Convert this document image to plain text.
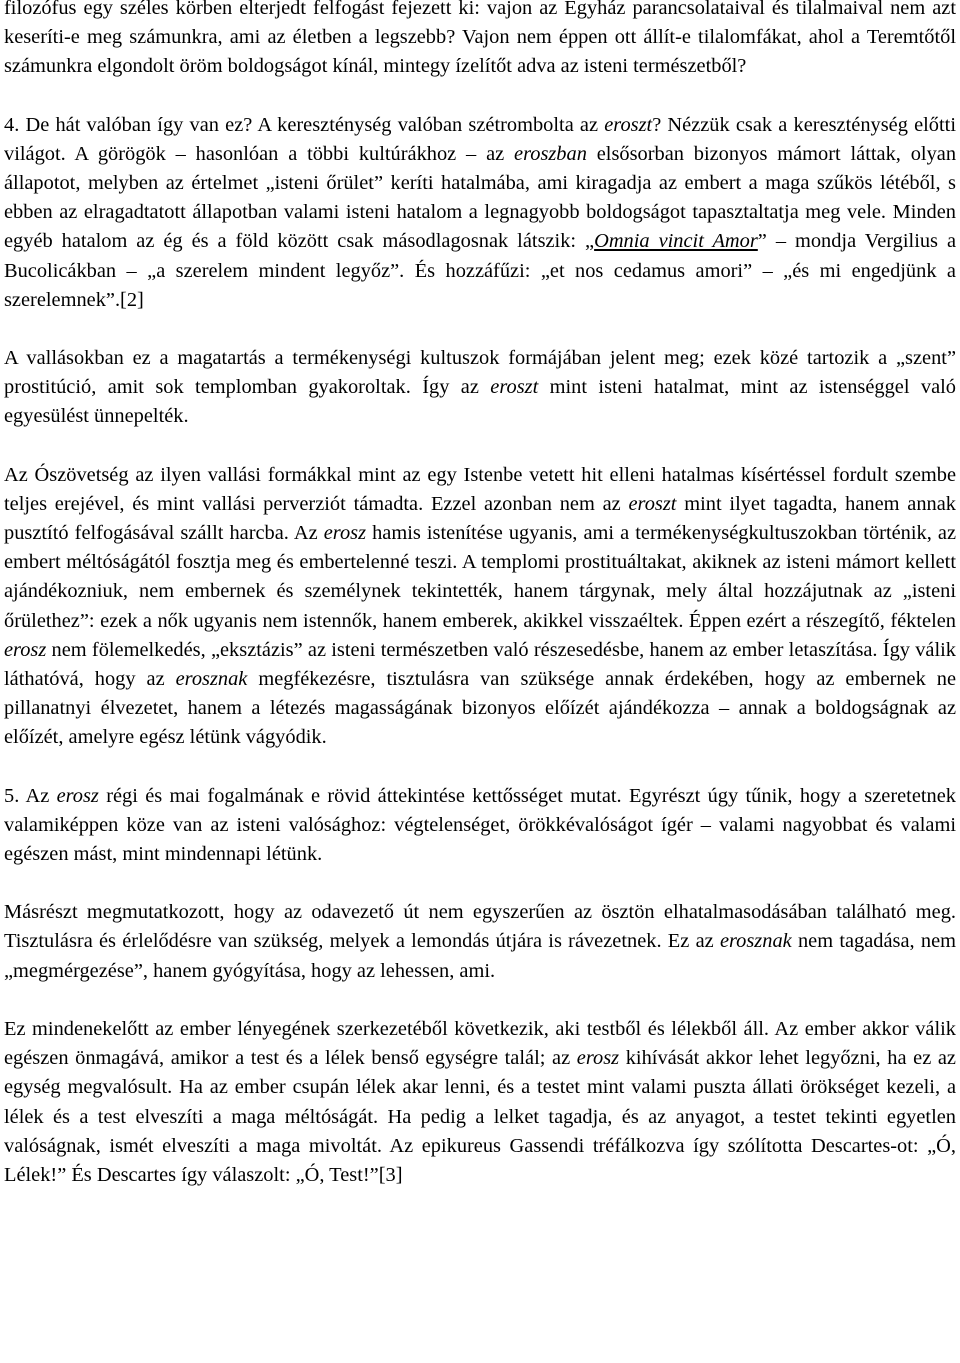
filozófus egy széles körben elterjedt felfogást fejezett ki: vajon az Egyház parancsolataival és tilalmaival nem azt keseríti-e meg számunkra, ami az életben a legszebb? Vajon nem éppen ott állít-e tilalomfákat, ahol a Teremtőtől számunkra elgondolt öröm boldogságot kínál, mintegy ízelítőt adva az isteni természetből?

4. De hát valóban így van ez? A kereszténység valóban szétrombolta az eroszt? Nézzük csak a kereszténység előtti világot. A görögök – hasonlóan a többi kultúrákhoz – az eroszban elsősorban bizonyos mámort láttak, olyan állapotot, melyben az értelmet „isteni őrület” keríti hatalmába, ami kiragadja az embert a maga szűkös létéből, s ebben az elragadtatott állapotban valami isteni hatalom a legnagyobb boldogságot tapasztaltatja meg vele. Minden egyéb hatalom az ég és a föld között csak másodlagosnak látszik: „Omnia vincit Amor” – mondja Vergilius a Bucolicákban – „a szerelem mindent legyőz”. És hozzáfűzi: „et nos cedamus amori” – „és mi engedjünk a szerelemnek”.[2]

A vallásokban ez a magatartás a termékenységi kultuszok formájában jelent meg; ezek közé tartozik a „szent” prostitúció, amit sok templomban gyakoroltak. Így az eroszt mint isteni hatalmat, mint az istenséggel való egyesülést ünnepelték.

Az Ószövetség az ilyen vallási formákkal mint az egy Istenbe vetett hit elleni hatalmas kísértéssel fordult szembe teljes erejével, és mint vallási perverziót támadta. Ezzel azonban nem az eroszt mint ilyet tagadta, hanem annak pusztító felfogásával szállt harcba. Az erosz hamis istenítése ugyanis, ami a termékenységkultuszokban történik, az embert méltóságától fosztja meg és embertelenné teszi. A templomi prostituáltakat, akiknek az isteni mámort kellett ajándékozniuk, nem embernek és személynek tekintették, hanem tárgynak, mely által hozzájutnak az „isteni őrülethez”: ezek a nők ugyanis nem istennők, hanem emberek, akikkel visszaéltek. Éppen ezért a részegítő, féktelen erosz nem fölemelkedés, „eksztázis” az isteni természetben való részesedésbe, hanem az ember letaszítása. Így válik láthatóvá, hogy az erosznak megfékezésre, tisztulásra van szüksége annak érdekében, hogy az embernek ne pillanatnyi élvezetet, hanem a létezés magasságának bizonyos előízét ajándékozza – annak a boldogságnak az előízét, amelyre egész létünk vágyódik.

5. Az erosz régi és mai fogalmának e rövid áttekintése kettősséget mutat. Egyrészt úgy tűnik, hogy a szeretetnek valamiképpen köze van az isteni valósághoz: végtelenséget, örökkévalóságot ígér – valami nagyobbat és valami egészen mást, mint mindennapi létünk.

Másrészt megmutatkozott, hogy az odavezető út nem egyszerűen az ösztön elhatalmasodásában található meg. Tisztulásra és érlelődésre van szükség, melyek a lemondás útjára is rávezetnek. Ez az erosznak nem tagadása, nem „megmérgezése”, hanem gyógyítása, hogy az lehessen, ami.

Ez mindenekelőtt az ember lényegének szerkezetéből következik, aki testből és lélekből áll. Az ember akkor válik egészen önmagává, amikor a test és a lélek benső egységre talál; az erosz kihívását akkor lehet legyőzni, ha ez az egység megvalósult. Ha az ember csupán lélek akar lenni, és a testet mint valami puszta állati örökséget kezeli, a lélek és a test elveszíti a maga méltóságát. Ha pedig a lelket tagadja, és az anyagot, a testet tekinti egyetlen valóságnak, ismét elveszíti a maga mivoltát. Az epikureus Gassendi tréfálkozva így szólította Descartes-ot: „Ó, Lélek!” És Descartes így válaszolt: „Ó, Test!”[3]
